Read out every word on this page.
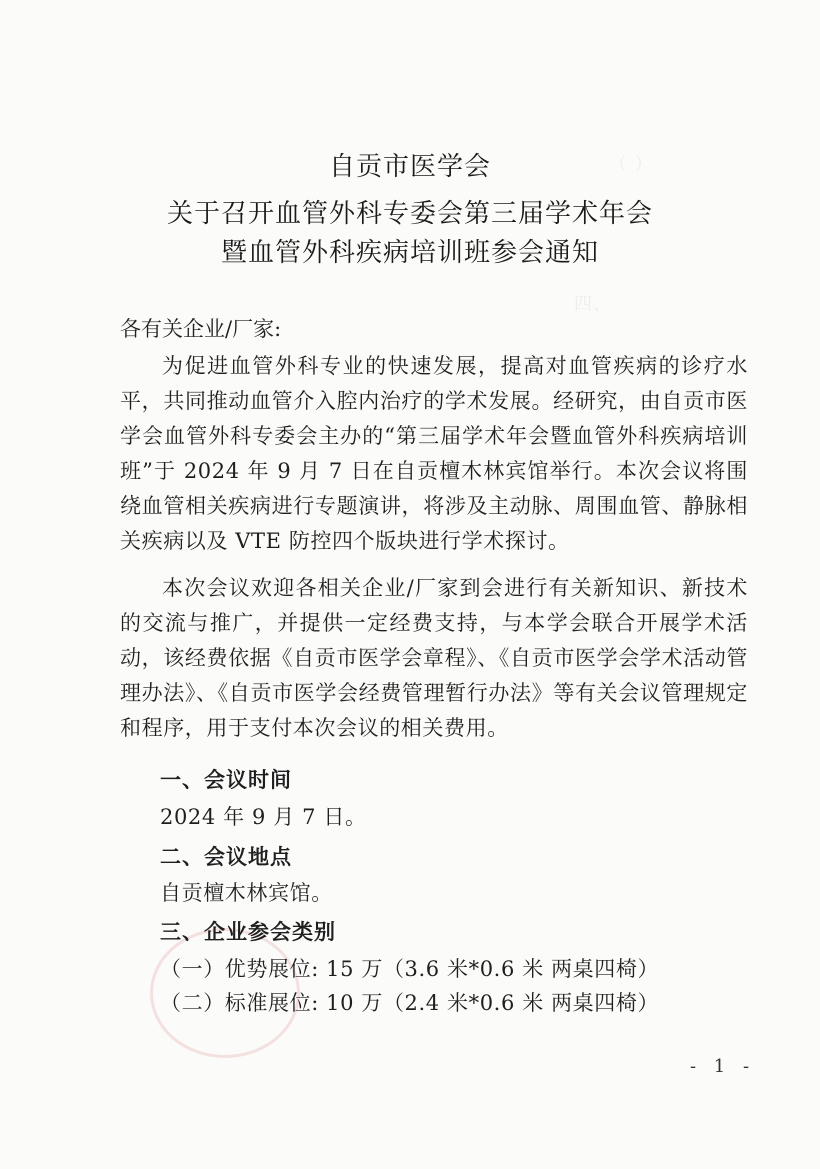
（ ）　　　　　　　　（ ）
　　　　　　四、

自贡市医学会
关于召开血管外科专委会第三届学术年会
暨血管外科疾病培训班参会通知
各有关企业/厂家:
为促进血管外科专业的快速发展，提高对血管疾病的诊疗水平，共同推动血管介入腔内治疗的学术发展。经研究，由自贡市医学会血管外科专委会主办的“第三届学术年会暨血管外科疾病培训班”于 2024 年 9 月 7 日在自贡檀木林宾馆举行。本次会议将围绕血管相关疾病进行专题演讲，将涉及主动脉、周围血管、静脉相关疾病以及 VTE 防控四个版块进行学术探讨。
本次会议欢迎各相关企业/厂家到会进行有关新知识、新技术的交流与推广，并提供一定经费支持，与本学会联合开展学术活动，该经费依据《自贡市医学会章程》、《自贡市医学会学术活动管理办法》、《自贡市医学会经费管理暂行办法》等有关会议管理规定和程序，用于支付本次会议的相关费用。
一、会议时间
2024 年 9 月 7 日。
二、会议地点
自贡檀木林宾馆。
三、企业参会类别
（一）优势展位: 15 万（3.6 米*0.6 米 两桌四椅）
（二）标准展位: 10 万（2.4 米*0.6 米 两桌四椅）
- 1 -
